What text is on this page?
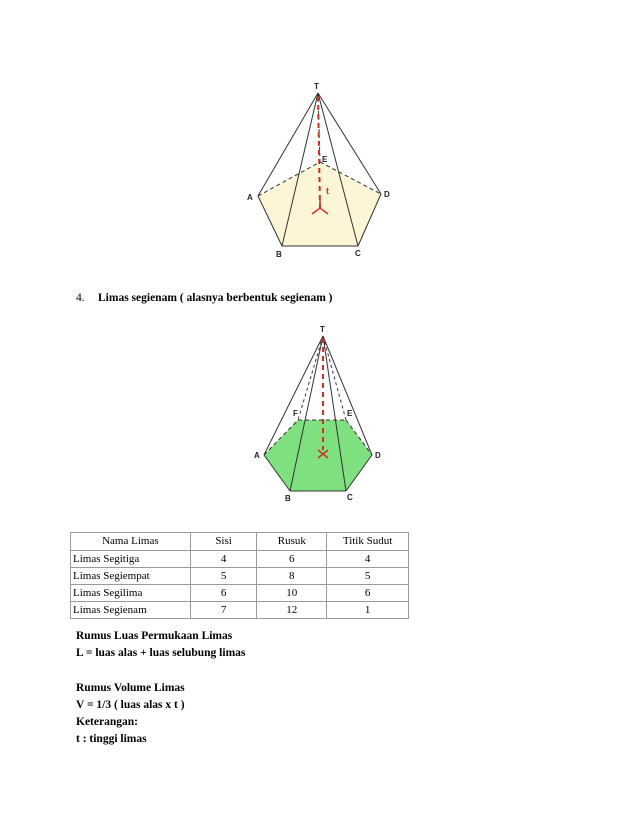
T
A
B	C
D
E
t
4. Limas segienam ( alasnya berbentuk segienam )
T
A
B	C
D
E
F
Nama Limas	Sisi	Rusuk	Titik Sudut
Limas Segitiga	4	6	4
Limas Segiempat	5	8	5
Limas Segilima	6	10	6
Limas Segienam	7	12	1
Rumus Luas Permukaan Limas
L = luas alas + luas selubung limas
Rumus Volume Limas
V = 1/3 ( luas alas x t )
Keterangan:
t : tinggi limas
